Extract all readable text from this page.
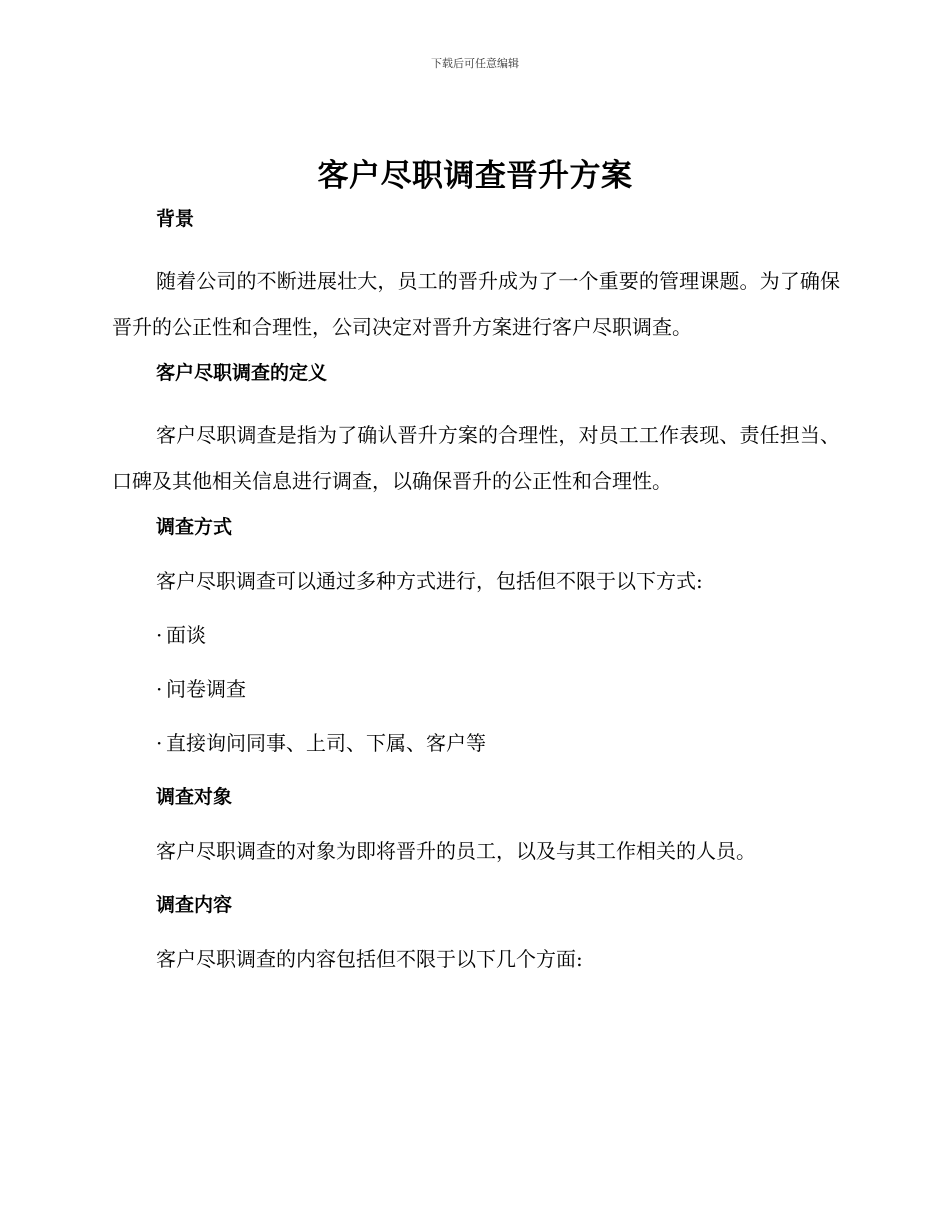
下载后可任意编辑
客户尽职调查晋升方案
背景
随着公司的不断进展壮大，员工的晋升成为了一个重要的管理课题。为了确保晋升的公正性和合理性，公司决定对晋升方案进行客户尽职调查。
客户尽职调查的定义
客户尽职调查是指为了确认晋升方案的合理性，对员工工作表现、责任担当、口碑及其他相关信息进行调查，以确保晋升的公正性和合理性。
调查方式
客户尽职调查可以通过多种方式进行，包括但不限于以下方式:
· 面谈
· 问卷调查
· 直接询问同事、上司、下属、客户等
调查对象
客户尽职调查的对象为即将晋升的员工，以及与其工作相关的人员。
调查内容
客户尽职调查的内容包括但不限于以下几个方面:
